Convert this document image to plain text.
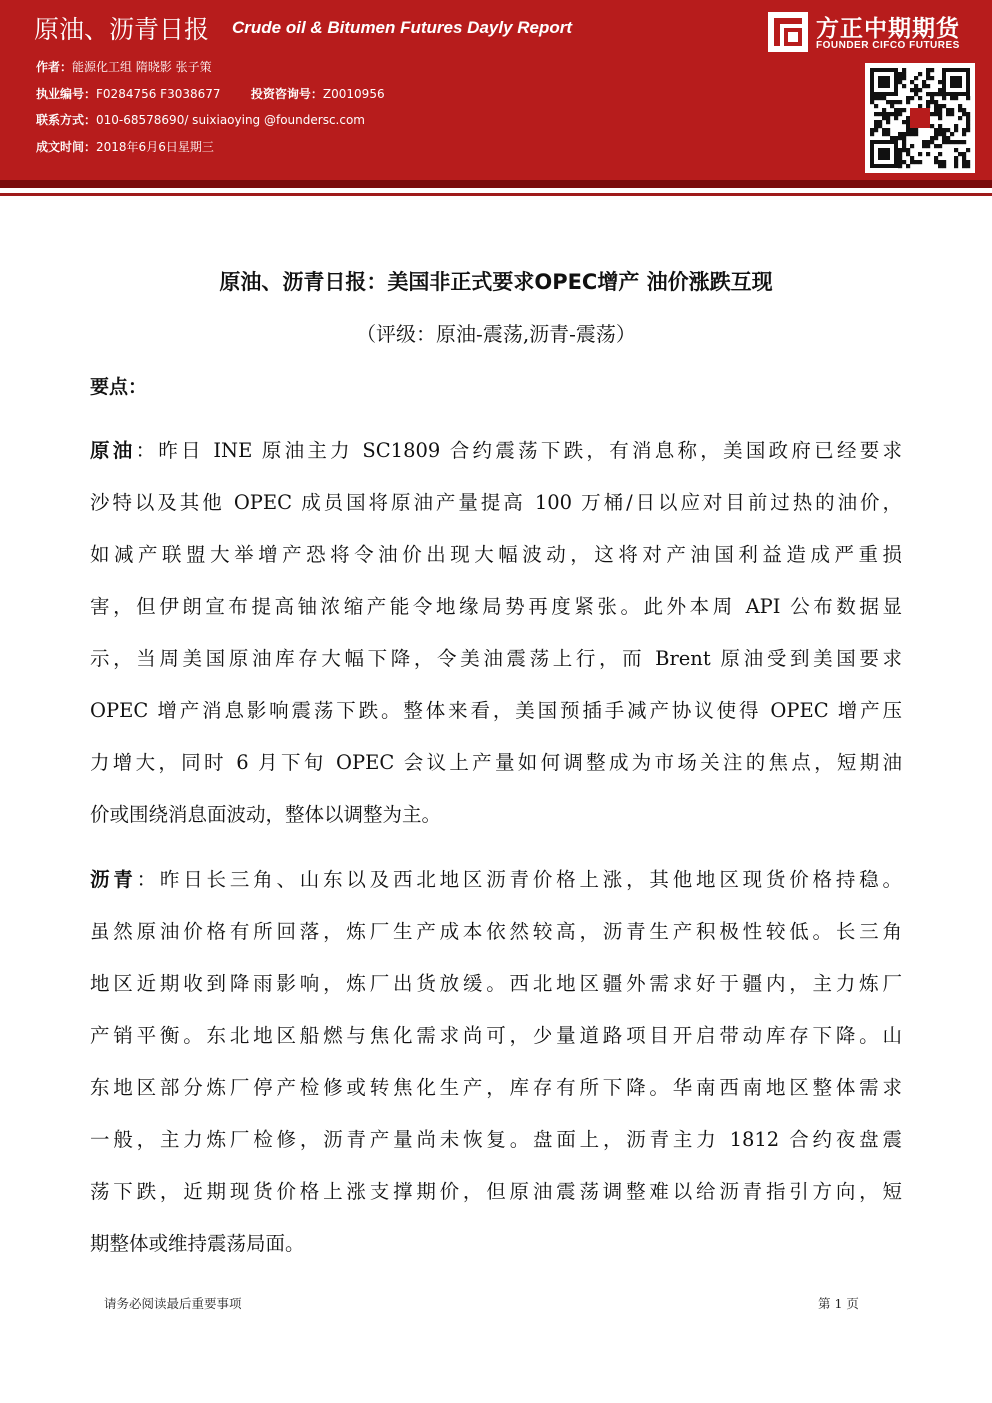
原油、沥青日报 Crude oil & Bitumen Futures Dayly Report
作者：能源化工组 隋晓影 张子策
执业编号：F0284756 F3038677	投资咨询号：Z0010956
联系方式：010-68578690/ suixiaoying @foundersc.com
成文时间：2018年6月6日星期三
方正中期期货
FOUNDER CIFCO FUTURES
原油、沥青日报：美国非正式要求OPEC增产 油价涨跌互现
（评级：原油-震荡,沥青-震荡）
要点：
原油：昨日 INE 原油主力 SC1809 合约震荡下跌，有消息称，美国政府已经要求
沙特以及其他 OPEC 成员国将原油产量提高 100 万桶/日以应对目前过热的油价，
如减产联盟大举增产恐将令油价出现大幅波动，这将对产油国利益造成严重损
害，但伊朗宣布提高铀浓缩产能令地缘局势再度紧张。此外本周 API 公布数据显
示，当周美国原油库存大幅下降，令美油震荡上行，而 Brent 原油受到美国要求
OPEC 增产消息影响震荡下跌。整体来看，美国预插手减产协议使得 OPEC 增产压
力增大，同时 6 月下旬 OPEC 会议上产量如何调整成为市场关注的焦点，短期油
价或围绕消息面波动，整体以调整为主。
沥青：昨日长三角、山东以及西北地区沥青价格上涨，其他地区现货价格持稳。
虽然原油价格有所回落，炼厂生产成本依然较高，沥青生产积极性较低。长三角
地区近期收到降雨影响，炼厂出货放缓。西北地区疆外需求好于疆内，主力炼厂
产销平衡。东北地区船燃与焦化需求尚可，少量道路项目开启带动库存下降。山
东地区部分炼厂停产检修或转焦化生产，库存有所下降。华南西南地区整体需求
一般，主力炼厂检修，沥青产量尚未恢复。盘面上，沥青主力 1812 合约夜盘震
荡下跌，近期现货价格上涨支撑期价，但原油震荡调整难以给沥青指引方向，短
期整体或维持震荡局面。
请务必阅读最后重要事项	第 1 页
